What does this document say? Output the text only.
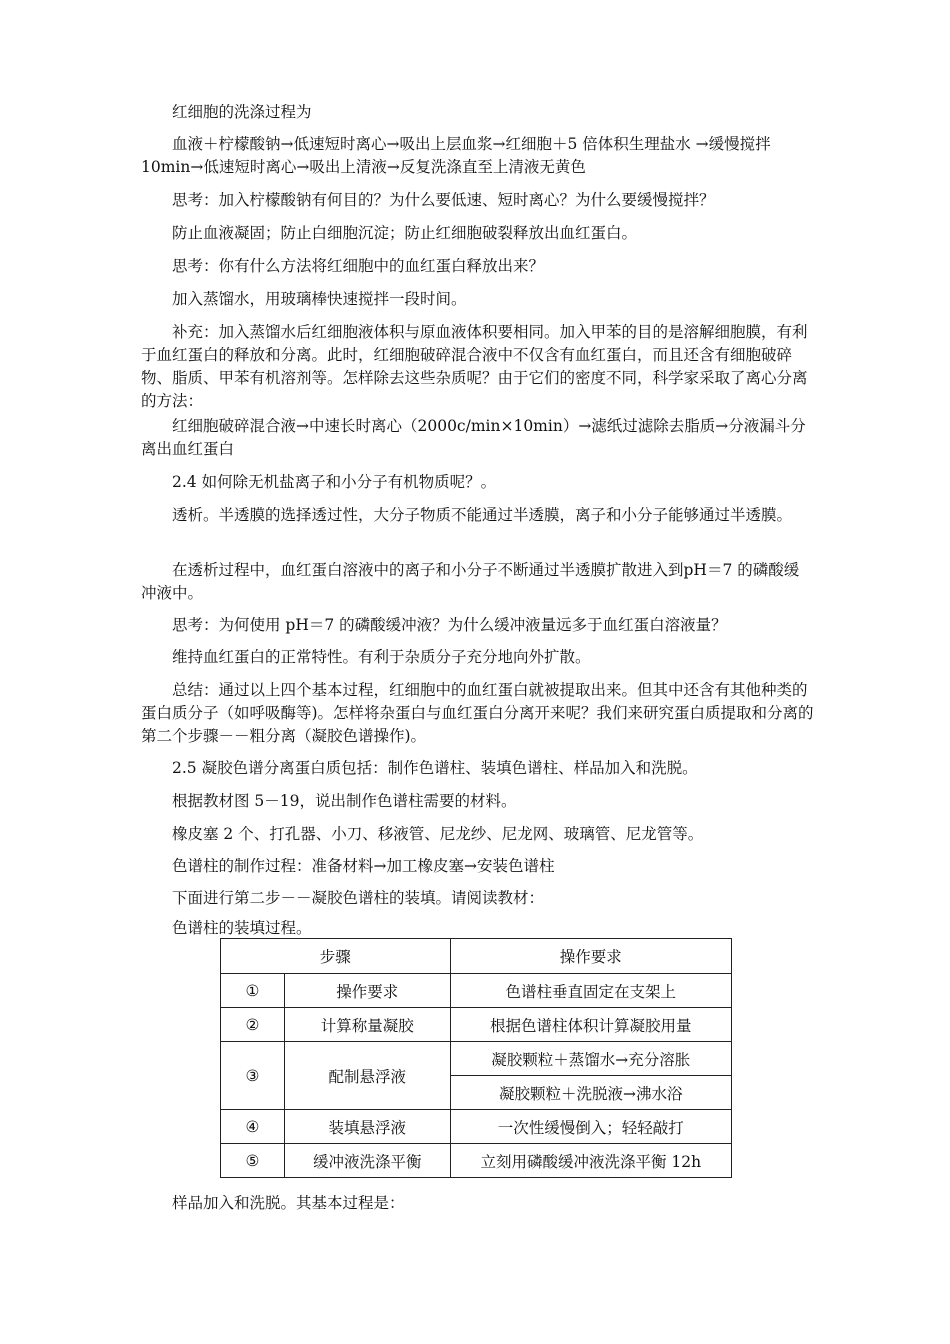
红细胞的洗涤过程为

血液＋柠檬酸钠→低速短时离心→吸出上层血浆→红细胞＋5 倍体积生理盐水 →缓慢搅拌 10min→低速短时离心→吸出上清液→反复洗涤直至上清液无黄色

思考：加入柠檬酸钠有何目的？为什么要低速、短时离心？为什么要缓慢搅拌？

防止血液凝固；防止白细胞沉淀；防止红细胞破裂释放出血红蛋白。

思考：你有什么方法将红细胞中的血红蛋白释放出来？

加入蒸馏水，用玻璃棒快速搅拌一段时间。

补充：加入蒸馏水后红细胞液体积与原血液体积要相同。加入甲苯的目的是溶解细胞膜，有利于血红蛋白的释放和分离。此时，红细胞破碎混合液中不仅含有血红蛋白，而且还含有细胞破碎物、脂质、甲苯有机溶剂等。怎样除去这些杂质呢？由于它们的密度不同，科学家采取了离心分离的方法：

红细胞破碎混合液→中速长时离心（2000c/min×10min）→滤纸过滤除去脂质→分液漏斗分离出血红蛋白

2.4 如何除无机盐离子和小分子有机物质呢？。

透析。半透膜的选择透过性，大分子物质不能通过半透膜，离子和小分子能够通过半透膜。

在透析过程中，血红蛋白溶液中的离子和小分子不断通过半透膜扩散进入到pH＝7 的磷酸缓冲液中。

思考：为何使用 pH＝7 的磷酸缓冲液？为什么缓冲液量远多于血红蛋白溶液量？

维持血红蛋白的正常特性。有利于杂质分子充分地向外扩散。

总结：通过以上四个基本过程，红细胞中的血红蛋白就被提取出来。但其中还含有其他种类的蛋白质分子（如呼吸酶等)。怎样将杂蛋白与血红蛋白分离开来呢？我们来研究蛋白质提取和分离的第二个步骤－－粗分离（凝胶色谱操作)。

2.5 凝胶色谱分离蛋白质包括：制作色谱柱、装填色谱柱、样品加入和洗脱。

根据教材图 5－19，说出制作色谱柱需要的材料。

橡皮塞 2 个、打孔器、小刀、移液管、尼龙纱、尼龙网、玻璃管、尼龙管等。

色谱柱的制作过程：准备材料→加工橡皮塞→安装色谱柱

下面进行第二步－－凝胶色谱柱的装填。请阅读教材：

色谱柱的装填过程。

步骤		操作要求
①	操作要求	色谱柱垂直固定在支架上
②	计算称量凝胶	根据色谱柱体积计算凝胶用量
③	配制悬浮液	凝胶颗粒＋蒸馏水→充分溶胀
		凝胶颗粒＋洗脱液→沸水浴
④	装填悬浮液	一次性缓慢倒入；轻轻敲打
⑤	缓冲液洗涤平衡	立刻用磷酸缓冲液洗涤平衡 12h

样品加入和洗脱。其基本过程是：
